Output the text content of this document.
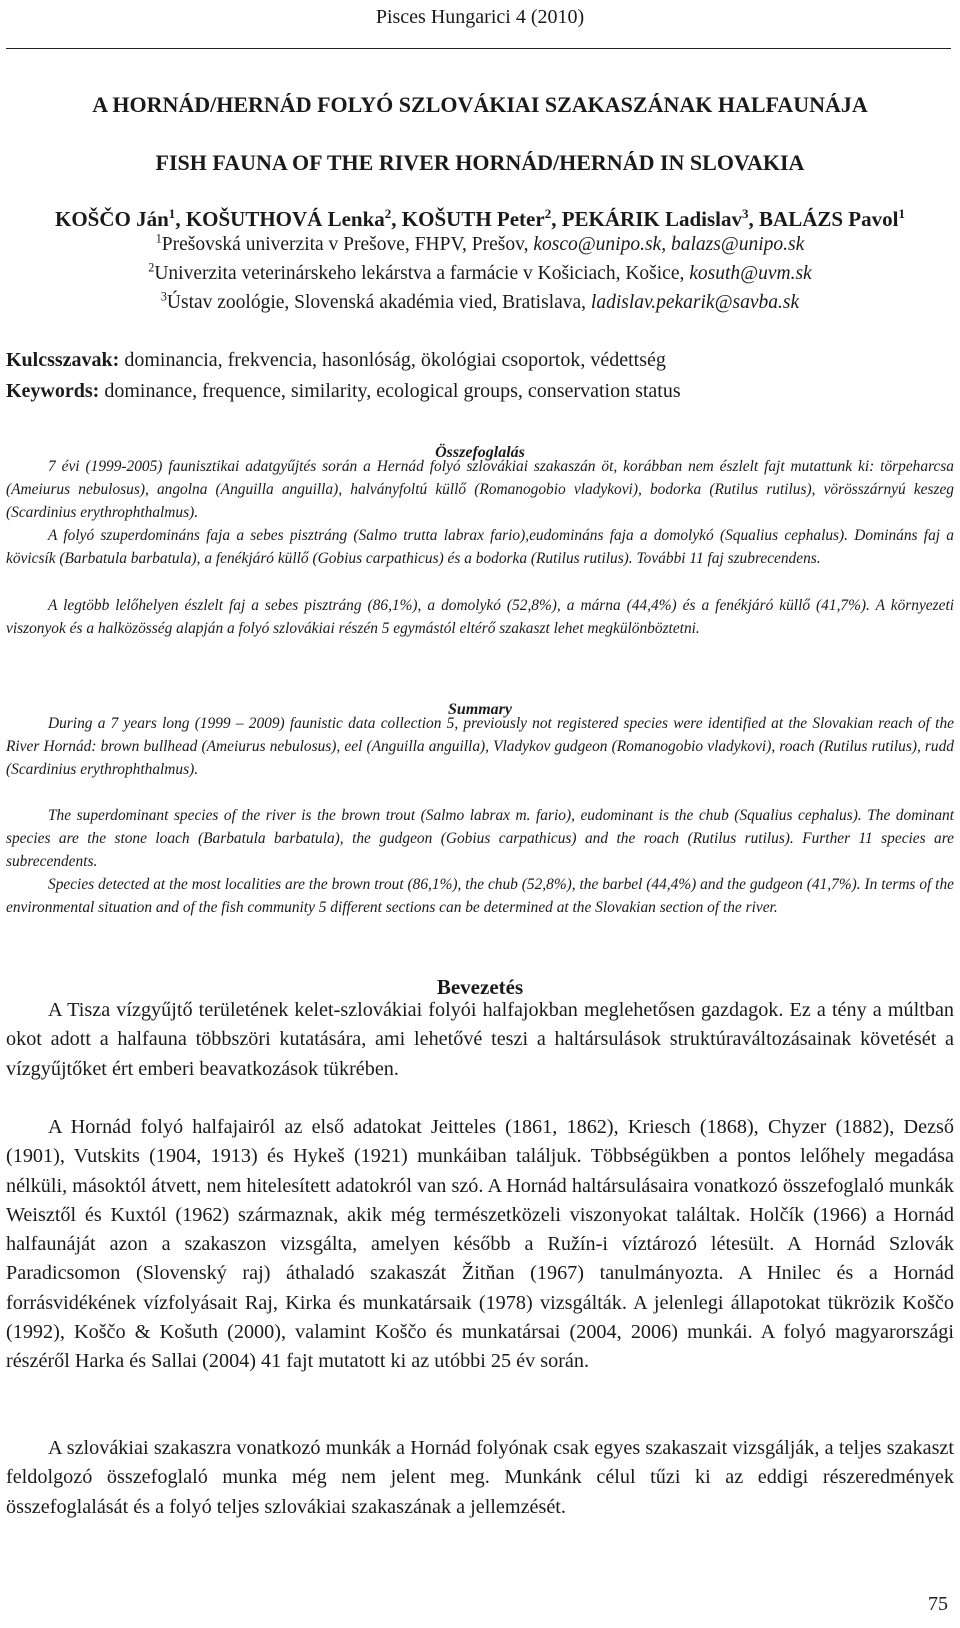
Pisces Hungarici 4 (2010)
A HORNÁD/HERNÁD FOLYÓ SZLOVÁKIAI SZAKASZÁNAK HALFAUNÁJA
FISH FAUNA OF THE RIVER HORNÁD/HERNÁD IN SLOVAKIA
KOŠČO Ján$^1$, KOŠUTHOVÁ Lenka$^2$, KOŠUTH Peter$^2$, PEKÁRIK Ladislav$^3$, BALÁZS Pavol$^1$
$^1$Prešovská univerzita v Prešove, FHPV, Prešov, kosco@unipo.sk, balazs@unipo.sk
$^2$Univerzita veterinárskeho lekárstva a farmácie v Košiciach, Košice, kosuth@uvm.sk
$^3$Ústav zoológie, Slovenská akadémia vied, Bratislava, ladislav.pekarik@savba.sk
Kulcsszavak: dominancia, frekvencia, hasonlóság, ökológiai csoportok, védettség
Keywords: dominance, frequence, similarity, ecological groups, conservation status
Összefoglalás

7 évi (1999-2005) faunisztikai adatgyűjtés során a Hernád folyó szlovákiai szakaszán öt, korábban nem észlelt fajt mutattunk ki: törpeharcsa (Ameiurus nebulosus), angolna (Anguilla anguilla), halványfoltú küllő (Romanogobio vladykovi), bodorka (Rutilus rutilus), vörösszárnyú keszeg (Scardinius erythrophthalmus).

A folyó szuperdomináns faja a sebes pisztráng (Salmo trutta labrax fario),eudomináns faja a domolykó (Squalius cephalus). Domináns faj a kövicsík (Barbatula barbatula), a fenékjáró küllő (Gobius carpathicus) és a bodorka (Rutilus rutilus). További 11 faj szubrecendens.

A legtöbb lelőhelyen észlelt faj a sebes pisztráng (86,1%), a domolykó (52,8%), a márna (44,4%) és a fenékjáró küllő (41,7%). A környezeti viszonyok és a halközösség alapján a folyó szlovákiai részén 5 egymástól eltérő szakaszt lehet megkülönböztetni.

Summary

During a 7 years long (1999 – 2009) faunistic data collection 5, previously not registered species were identified at the Slovakian reach of the River Hornád: brown bullhead (Ameiurus nebulosus), eel (Anguilla anguilla), Vladykov gudgeon (Romanogobio vladykovi), roach (Rutilus rutilus), rudd (Scardinius erythrophthalmus).

The superdominant species of the river is the brown trout (Salmo labrax m. fario), eudominant is the chub (Squalius cephalus). The dominant species are the stone loach (Barbatula barbatula), the gudgeon (Gobius carpathicus) and the roach (Rutilus rutilus). Further 11 species are subrecendents.

Species detected at the most localities are the brown trout (86,1%), the chub (52,8%), the barbel (44,4%) and the gudgeon (41,7%). In terms of the environmental situation and of the fish community 5 different sections can be determined at the Slovakian section of the river.

Bevezetés

A Tisza vízgyűjtő területének kelet-szlovákiai folyói halfajokban meglehetősen gazdagok. Ez a tény a múltban okot adott a halfauna többszöri kutatására, ami lehetővé teszi a haltársulások struktúraváltozásainak követését a vízgyűjtőket ért emberi beavatkozások tükrében.

A Hornád folyó halfajairól az első adatokat Jeitteles (1861, 1862), Kriesch (1868), Chyzer (1882), Dezső (1901), Vutskits (1904, 1913) és Hykeš (1921) munkáiban találjuk. Többségükben a pontos lelőhely megadása nélküli, másoktól átvett, nem hitelesített adatokról van szó. A Hornád haltársulásaira vonatkozó összefoglaló munkák Weisztől és Kuxtól (1962) származnak, akik még természetközeli viszonyokat találtak. Holčík (1966) a Hornád halfaunáját azon a szakaszon vizsgálta, amelyen később a Ružín-i víztározó létesült. A Hornád Szlovák Paradicsomon (Slovenský raj) áthaladó szakaszát Žitňan (1967) tanulmányozta. A Hnilec és a Hornád forrásvidékének vízfolyásait Raj, Kirka és munkatársaik (1978) vizsgálták. A jelenlegi állapotokat tükrözik Koščo (1992), Koščo & Košuth (2000), valamint Koščo és munkatársai (2004, 2006) munkái. A folyó magyarországi részéről Harka és Sallai (2004) 41 fajt mutatott ki az utóbbi 25 év során.

A szlovákiai szakaszra vonatkozó munkák a Hornád folyónak csak egyes szakaszait vizsgálják, a teljes szakaszt feldolgozó összefoglaló munka még nem jelent meg. Munkánk célul tűzi ki az eddigi részeredmények összefoglalását és a folyó teljes szlovákiai szakaszának a jellemzését.

75
